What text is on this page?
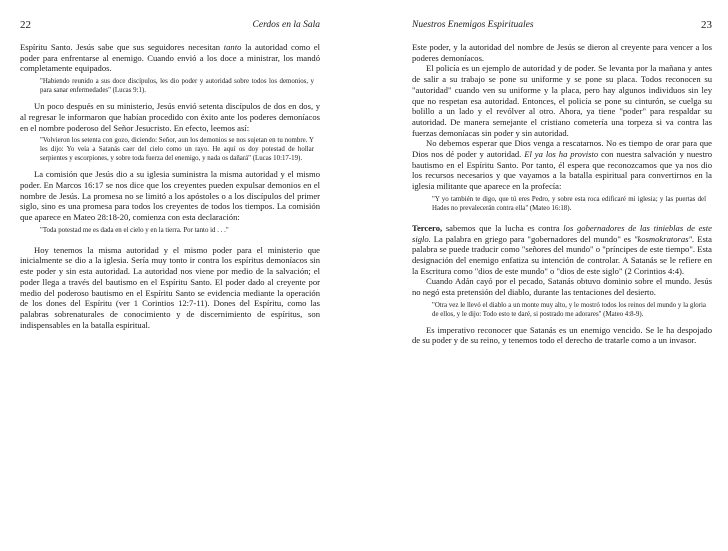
22	Cerdos en la Sala

Espíritu Santo. Jesús sabe que sus seguidores necesitan tanto la autoridad como el poder para enfrentarse al enemigo. Cuando envió a los doce a ministrar, los mandó completamente equipados.

"Habiendo reunido a sus doce discípulos, les dio poder y autoridad sobre todos los demonios, y para sanar enfermedades" (Lucas 9:1).

Un poco después en su ministerio, Jesús envió setenta discípulos de dos en dos, y al regresar le informaron que habían procedido con éxito ante los poderes demoníacos en el nombre poderoso del Señor Jesucristo. En efecto, leemos así:

"Volvieron los setenta con gozo, diciendo: Señor, aun los demonios se nos sujetan en tu nombre. Y les dijo: Yo veía a Satanás caer del cielo como un rayo. He aquí os doy potestad de hollar serpientes y escorpiones, y sobre toda fuerza del enemigo, y nada os dañará" (Lucas 10:17-19).

La comisión que Jesús dio a su iglesia suministra la misma autoridad y el mismo poder. En Marcos 16:17 se nos dice que los creyentes pueden expulsar demonios en el nombre de Jesús. La promesa no se limitó a los apóstoles o a los discípulos del primer siglo, sino es una promesa para todos los creyentes de todos los tiempos. La comisión que aparece en Mateo 28:18-20, comienza con esta declaración:

"Toda potestad me es dada en el cielo y en la tierra. Por tanto id . . ."

Hoy tenemos la misma autoridad y el mismo poder para el ministerio que inicialmente se dio a la iglesia. Sería muy tonto ir contra los espíritus demoníacos sin este poder y sin esta autoridad. La autoridad nos viene por medio de la salvación; el poder llega a través del bautismo en el Espíritu Santo. El poder dado al creyente por medio del poderoso bautismo en el Espíritu Santo se evidencia mediante la operación de los dones del Espíritu (ver 1 Corintios 12:7-11). Dones del Espíritu, como las palabras sobrenaturales de conocimiento y de discernimiento de espíritus, son indispensables en la batalla espiritual.

Nuestros Enemigos Espirituales	23

Este poder, y la autoridad del nombre de Jesús se dieron al creyente para vencer a los poderes demoníacos.

El policía es un ejemplo de autoridad y de poder. Se levanta por la mañana y antes de salir a su trabajo se pone su uniforme y se pone su placa. Todos reconocen su "autoridad" cuando ven su uniforme y la placa, pero hay algunos individuos sin ley que no respetan esa autoridad. Entonces, el policía se pone su cinturón, se cuelga su bolillo a un lado y el revólver al otro. Ahora, ya tiene "poder" para respaldar su autoridad. De manera semejante el cristiano cometería una torpeza si va contra las fuerzas demoníacas sin poder y sin autoridad.

No debemos esperar que Dios venga a rescatarnos. No es tiempo de orar para que Dios nos dé poder y autoridad. El ya los ha provisto con nuestra salvación y nuestro bautismo en el Espíritu Santo. Por tanto, él espera que reconozcamos que ya nos dio los recursos necesarios y que vayamos a la batalla espiritual para convertirnos en la iglesia militante que aparece en la profecía:

"Y yo también te digo, que tú eres Pedro, y sobre esta roca edificaré mi iglesia; y las puertas del Hades no prevalecerán contra ella" (Mateo 16:18).

Tercero, sabemos que la lucha es contra los gobernadores de las tinieblas de este siglo. La palabra en griego para "gobernadores del mundo" es "kosmokratoras". Esta palabra se puede traducir como "señores del mundo" o "príncipes de este tiempo". Esta designación del enemigo enfatiza su intención de controlar. A Satanás se le refiere en la Escritura como "dios de este mundo" o "dios de este siglo" (2 Corintios 4:4).

Cuando Adán cayó por el pecado, Satanás obtuvo dominio sobre el mundo. Jesús no negó esta pretensión del diablo, durante las tentaciones del desierto.

"Otra vez le llevó el diablo a un monte muy alto, y le mostró todos los reinos del mundo y la gloria de ellos, y le dijo: Todo esto te daré, si postrado me adorares" (Mateo 4:8-9).

Es imperativo reconocer que Satanás es un enemigo vencido. Se le ha despojado de su poder y de su reino, y tenemos todo el derecho de tratarle como a un invasor.
